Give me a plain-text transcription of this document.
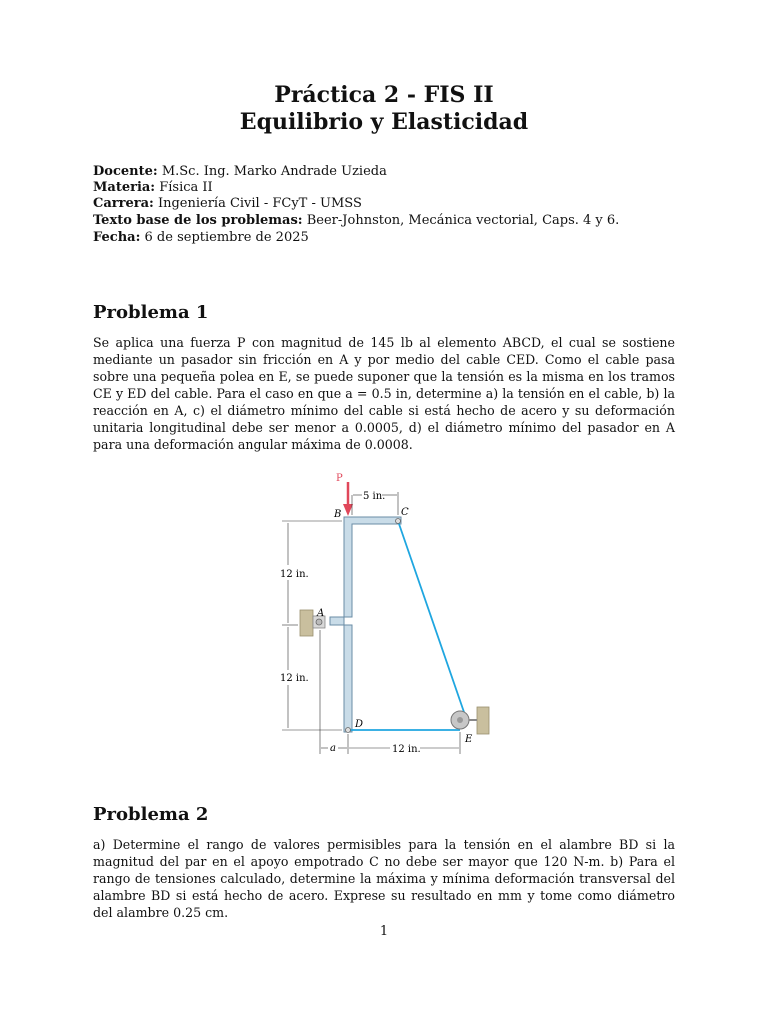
Práctica 2 - FIS II
Equilibrio y Elasticidad
Docente: M.Sc. Ing. Marko Andrade Uzieda
Materia: Física II
Carrera: Ingeniería Civil - FCyT - UMSS
Texto base de los problemas: Beer-Johnston, Mecánica vectorial, Caps. 4 y 6.
Fecha: 6 de septiembre de 2025
Problema 1
Se aplica una fuerza P con magnitud de 145 lb al elemento ABCD, el cual se sostiene mediante un pasador sin fricción en A y por medio del cable CED. Como el cable pasa sobre una pequeña polea en E, se puede suponer que la tensión es la misma en los tramos CE y ED del cable. Para el caso en que a = 0.5 in, determine a) la tensión en el cable, b) la reacción en A, c) el diámetro mínimo del cable si está hecho de acero y su deformación unitaria longitudinal debe ser menor a 0.0005, d) el diámetro mínimo del pasador en A para una deformación angular máxima de 0.0008.
P
5 in.
12 in.
12 in.
a	12 in.
B	C
A
D
E
Problema 2
a) Determine el rango de valores permisibles para la tensión en el alambre BD si la magnitud del par en el apoyo empotrado C no debe ser mayor que 120 N-m. b) Para el rango de tensiones calculado, determine la máxima y mínima deformación transversal del alambre BD si está hecho de acero. Exprese su resultado en mm y tome como diámetro del alambre 0.25 cm.
1
